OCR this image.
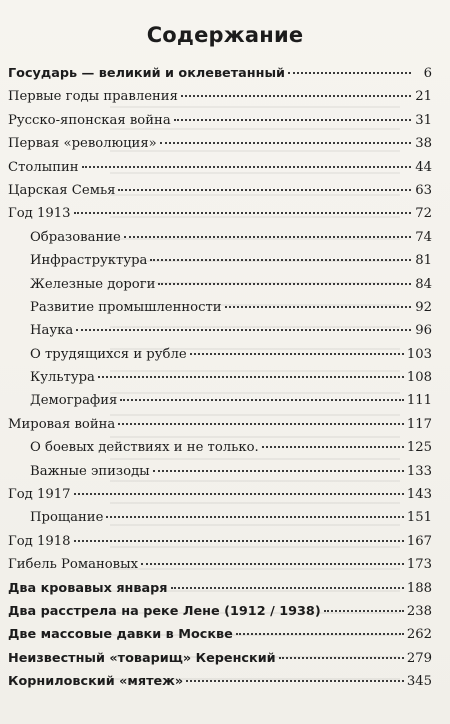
Содержание
Государь — великий и оклеветанный	6
Первые годы правления	21
Русско-японская война	31
Первая «революция»	38
Столыпин	44
Царская Семья	63
Год 1913	72
Образование	74
Инфраструктура	81
Железные дороги	84
Развитие промышленности	92
Наука	96
О трудящихся и рубле	103
Культура	108
Демография	111
Мировая война	117
О боевых действиях и не только.	125
Важные эпизоды	133
Год 1917	143
Прощание	151
Год 1918	167
Гибель Романовых	173
Два кровавых января	188
Два расстрела на реке Лене (1912 / 1938)	238
Две массовые давки в Москве	262
Неизвестный «товарищ» Керенский	279
Корниловский «мятеж»	345
